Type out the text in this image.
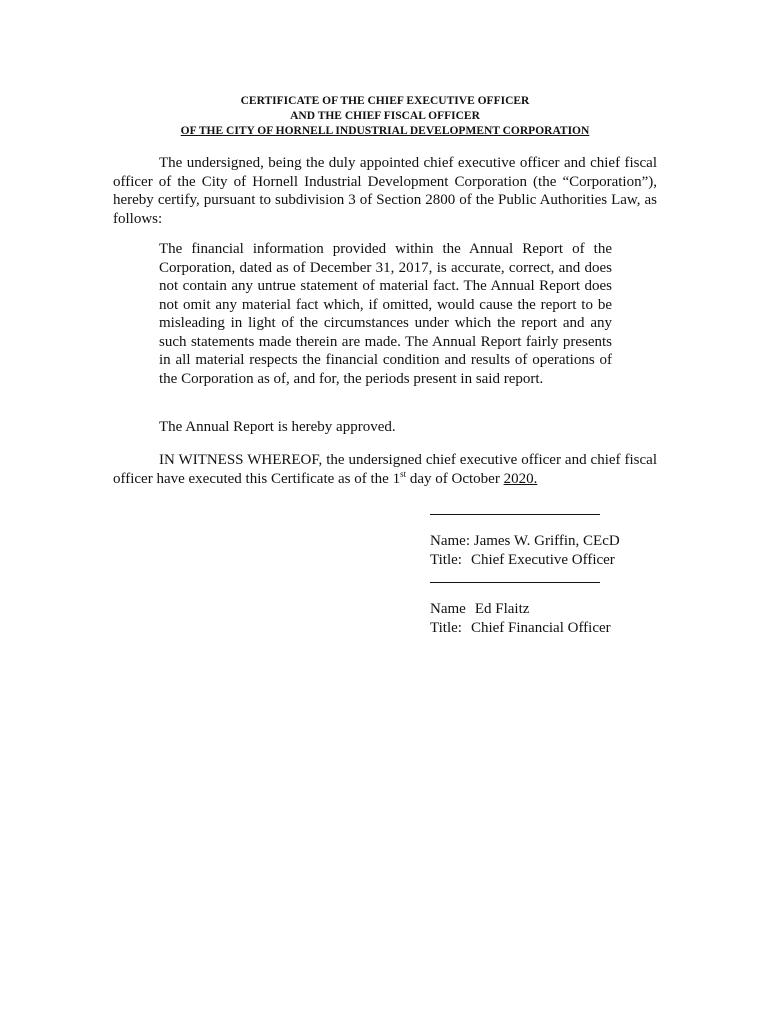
CERTIFICATE OF THE CHIEF EXECUTIVE OFFICER
AND THE CHIEF FISCAL OFFICER
OF THE CITY OF HORNELL INDUSTRIAL DEVELOPMENT CORPORATION
The undersigned, being the duly appointed chief executive officer and chief fiscal officer of the City of Hornell Industrial Development Corporation (the “Corporation”), hereby certify, pursuant to subdivision 3 of Section 2800 of the Public Authorities Law, as follows:
The financial information provided within the Annual Report of the Corporation, dated as of December 31, 2017, is accurate, correct, and does not contain any untrue statement of material fact. The Annual Report does not omit any material fact which, if omitted, would cause the report to be misleading in light of the circumstances under which the report and any such statements made therein are made. The Annual Report fairly presents in all material respects the financial condition and results of operations of the Corporation as of, and for, the periods present in said report.
The Annual Report is hereby approved.
IN WITNESS WHEREOF, the undersigned chief executive officer and chief fiscal officer have executed this Certificate as of the 1st day of October 2020.
Name: James W. Griffin, CEcD
Title: Chief Executive Officer
Name Ed Flaitz
Title: Chief Financial Officer
